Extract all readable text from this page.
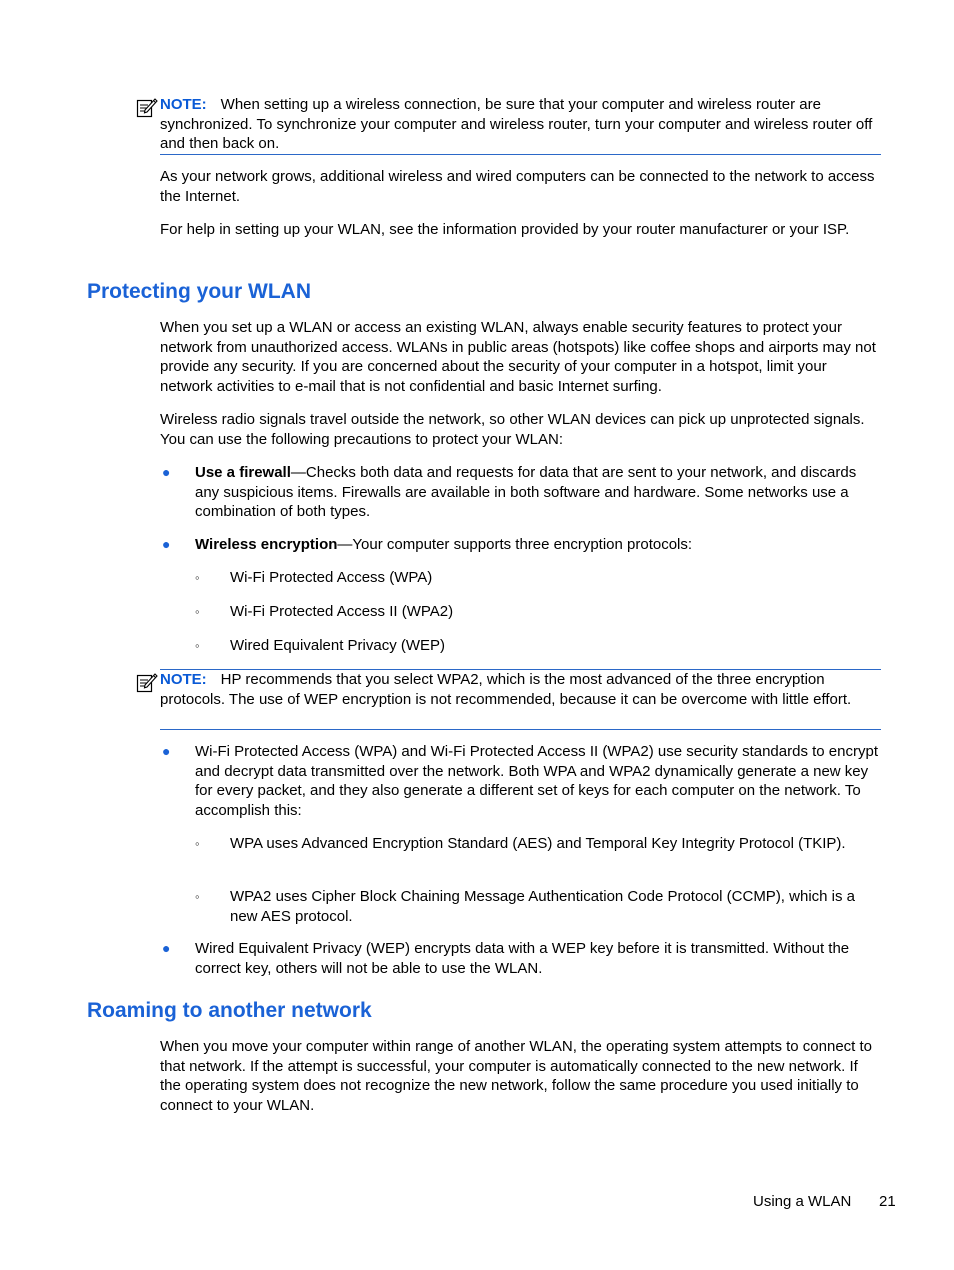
NOTE: When setting up a wireless connection, be sure that your computer and wireless router are synchronized. To synchronize your computer and wireless router, turn your computer and wireless router off and then back on.

As your network grows, additional wireless and wired computers can be connected to the network to access the Internet.

For help in setting up your WLAN, see the information provided by your router manufacturer or your ISP.

Protecting your WLAN

When you set up a WLAN or access an existing WLAN, always enable security features to protect your network from unauthorized access. WLANs in public areas (hotspots) like coffee shops and airports may not provide any security. If you are concerned about the security of your computer in a hotspot, limit your network activities to e-mail that is not confidential and basic Internet surfing.

Wireless radio signals travel outside the network, so other WLAN devices can pick up unprotected signals. You can use the following precautions to protect your WLAN:

● Use a firewall—Checks both data and requests for data that are sent to your network, and discards any suspicious items. Firewalls are available in both software and hardware. Some networks use a combination of both types.

● Wireless encryption—Your computer supports three encryption protocols:

◦ Wi-Fi Protected Access (WPA)

◦ Wi-Fi Protected Access II (WPA2)

◦ Wired Equivalent Privacy (WEP)

NOTE: HP recommends that you select WPA2, which is the most advanced of the three encryption protocols. The use of WEP encryption is not recommended, because it can be overcome with little effort.

● Wi-Fi Protected Access (WPA) and Wi-Fi Protected Access II (WPA2) use security standards to encrypt and decrypt data transmitted over the network. Both WPA and WPA2 dynamically generate a new key for every packet, and they also generate a different set of keys for each computer on the network. To accomplish this:

◦ WPA uses Advanced Encryption Standard (AES) and Temporal Key Integrity Protocol (TKIP).

◦ WPA2 uses Cipher Block Chaining Message Authentication Code Protocol (CCMP), which is a new AES protocol.

● Wired Equivalent Privacy (WEP) encrypts data with a WEP key before it is transmitted. Without the correct key, others will not be able to use the WLAN.

Roaming to another network

When you move your computer within range of another WLAN, the operating system attempts to connect to that network. If the attempt is successful, your computer is automatically connected to the new network. If the operating system does not recognize the new network, follow the same procedure you used initially to connect to your WLAN.

Using a WLAN 21
